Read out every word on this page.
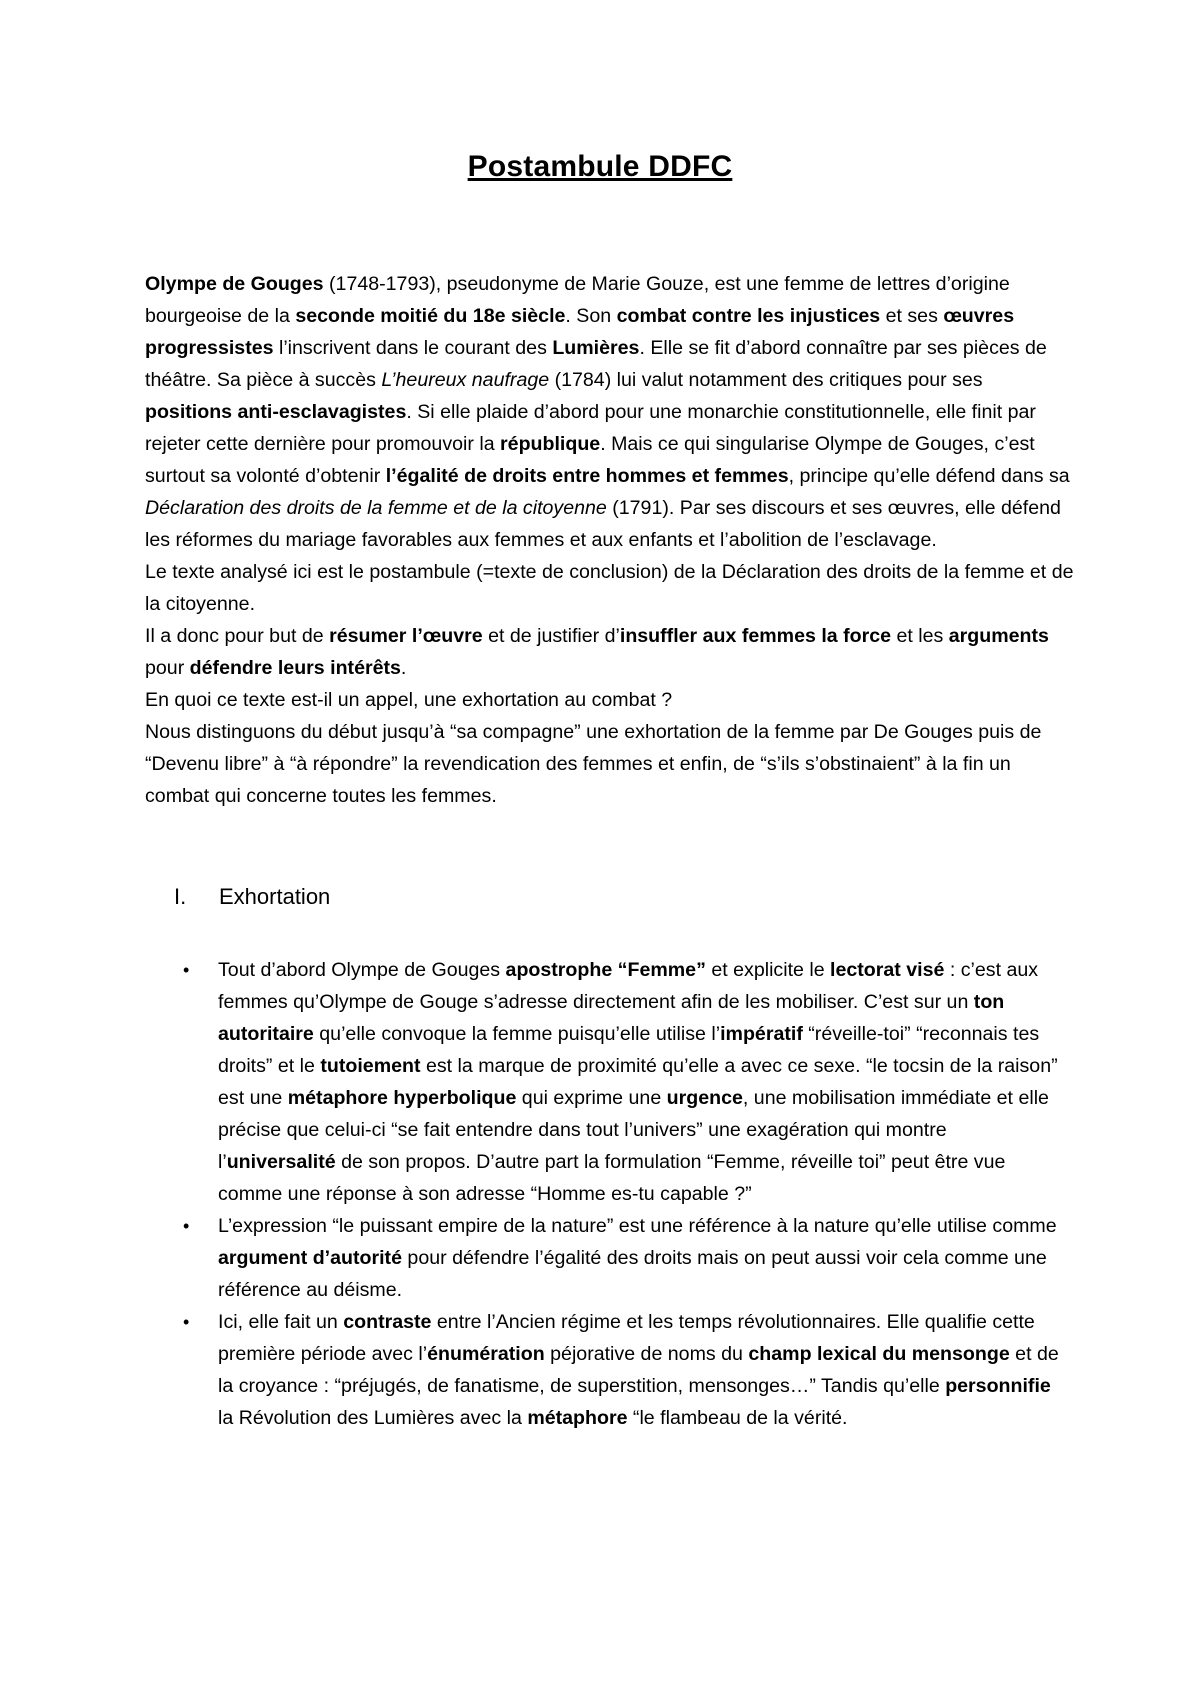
Postambule DDFC

Olympe de Gouges (1748-1793), pseudonyme de Marie Gouze, est une femme de lettres d’origine bourgeoise de la seconde moitié du 18e siècle. Son combat contre les injustices et ses œuvres progressistes l’inscrivent dans le courant des Lumières. Elle se fit d’abord connaître par ses pièces de théâtre. Sa pièce à succès L’heureux naufrage (1784) lui valut notamment des critiques pour ses positions anti-esclavagistes. Si elle plaide d’abord pour une monarchie constitutionnelle, elle finit par rejeter cette dernière pour promouvoir la république. Mais ce qui singularise Olympe de Gouges, c’est surtout sa volonté d’obtenir l’égalité de droits entre hommes et femmes, principe qu’elle défend dans sa Déclaration des droits de la femme et de la citoyenne (1791). Par ses discours et ses œuvres, elle défend les réformes du mariage favorables aux femmes et aux enfants et l’abolition de l’esclavage.

Le texte analysé ici est le postambule (=texte de conclusion) de la Déclaration des droits de la femme et de la citoyenne.

Il a donc pour but de résumer l’œuvre et de justifier d’insuffler aux femmes la force et les arguments pour défendre leurs intérêts.

En quoi ce texte est-il un appel, une exhortation au combat ?

Nous distinguons du début jusqu’à “sa compagne” une exhortation de la femme par De Gouges puis de “Devenu libre” à “à répondre” la revendication des femmes et enfin, de “s’ils s’obstinaient” à la fin un combat qui concerne toutes les femmes.

I. Exhortation
•	Tout d’abord Olympe de Gouges apostrophe “Femme” et explicite le lectorat visé : c’est aux femmes qu’Olympe de Gouge s’adresse directement afin de les mobiliser. C’est sur un ton autoritaire qu’elle convoque la femme puisqu’elle utilise l’impératif “réveille-toi” “reconnais tes droits” et le tutoiement est la marque de proximité qu’elle a avec ce sexe. “le tocsin de la raison” est une métaphore hyperbolique qui exprime une urgence, une mobilisation immédiate et elle précise que celui-ci “se fait entendre dans tout l’univers” une exagération qui montre l’universalité de son propos. D’autre part la formulation “Femme, réveille toi” peut être vue comme une réponse à son adresse “Homme es-tu capable ?”
•	L’expression “le puissant empire de la nature” est une référence à la nature qu’elle utilise comme argument d’autorité pour défendre l’égalité des droits mais on peut aussi voir cela comme une référence au déisme.
•	Ici, elle fait un contraste entre l’Ancien régime et les temps révolutionnaires. Elle qualifie cette première période avec l’énumération péjorative de noms du champ lexical du mensonge et de la croyance : “préjugés, de fanatisme, de superstition, mensonges…” Tandis qu’elle personnifie la Révolution des Lumières avec la métaphore “le flambeau de la vérité.
